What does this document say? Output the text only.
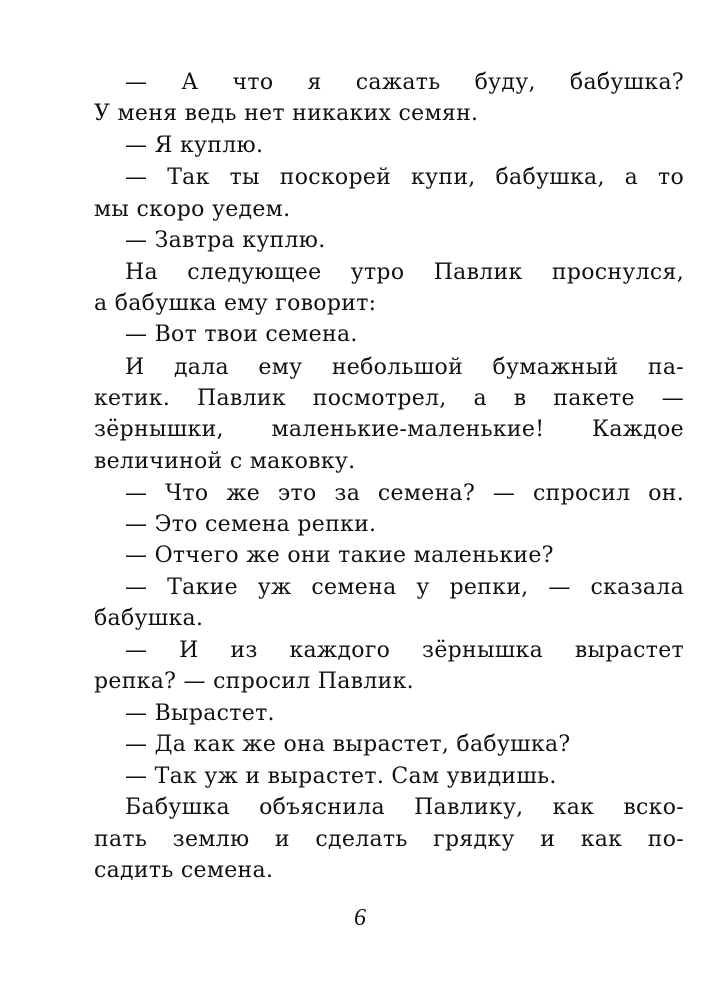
— А что я сажать буду, бабушка?
У меня ведь нет никаких семян.
— Я куплю.
— Так ты поскорей купи, бабушка, а то
мы скоро уедем.
— Завтра куплю.
На следующее утро Павлик проснулся,
а бабушка ему говорит:
— Вот твои семена.
И дала ему небольшой бумажный па-
кетик. Павлик посмотрел, а в пакете —
зёрнышки, маленькие-маленькие! Каждое
величиной с маковку.
— Что же это за семена? — спросил он.
— Это семена репки.
— Отчего же они такие маленькие?
— Такие уж семена у репки, — сказала
бабушка.
— И из каждого зёрнышка вырастет
репка? — спросил Павлик.
— Вырастет.
— Да как же она вырастет, бабушка?
— Так уж и вырастет. Сам увидишь.
Бабушка объяснила Павлику, как вско-
пать землю и сделать грядку и как по-
садить семена.
6
